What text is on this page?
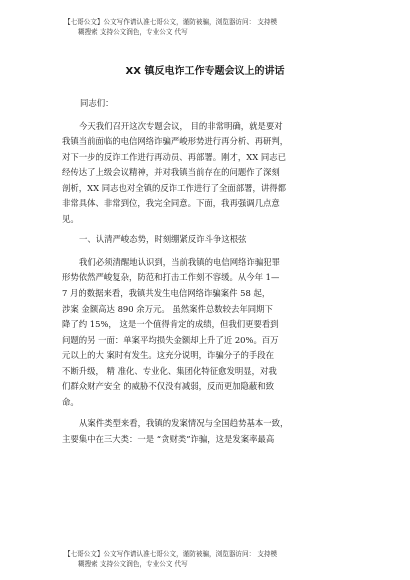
【七哥公文】公文写作请认准七哥公文，谨防被骗，浏览器访问： 支持模
糊搜索 支持公文润色，专业公文 代写
XX 镇反电诈工作专题会议上的讲话

同志们：

今天我们召开这次专题会议， 目的非常明确，就是要对
我镇当前面临的电信网络诈骗严峻形势进行再分析、再研判，
对下一步的反诈工作进行再动员、再部署。刚才，XX 同志已
经传达了上级会议精神，并对我镇当前存在的问题作了深刻
剖析，XX 同志也对全镇的反诈工作进行了全面部署，讲得都
非常具体、非常到位，我完全同意。下面，我再强调几点意
见。

一、认清严峻态势，时刻绷紧反诈斗争这根弦

我们必须清醒地认识到，当前我镇的电信网络诈骗犯罪
形势依然严峻复杂，防范和打击工作刻不容缓。从今年 1—
7 月的数据来看，我镇共发生电信网络诈骗案件 58 起，
涉案 金额高达 890 余万元。 虽然案件总数较去年同期下
降了约 15%， 这是一个值得肯定的成绩，但我们更要看到
问题的另 一面：单案平均损失金额却上升了近 20%。百万
元以上的大 案时有发生。这充分说明，诈骗分子的手段在
不断升级， 精 准化、专业化、集团化特征愈发明显，对我
们群众财产安全 的威胁不仅没有减弱，反而更加隐蔽和致
命。

从案件类型来看，我镇的发案情况与全国趋势基本一致，
主要集中在三大类：一是 “贪财类”诈骗，这是发案率最高

【七哥公文】公文写作请认准七哥公文，谨防被骗，浏览器访问： 支持模
糊搜索 支持公文润色，专业公文 代写
